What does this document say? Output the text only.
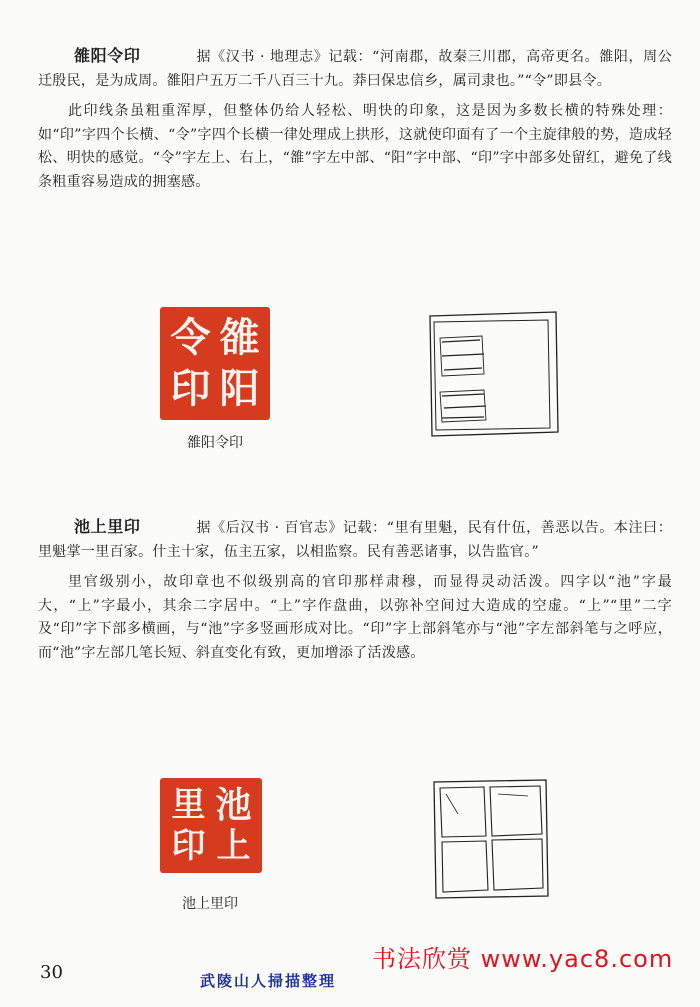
雒阳令印	据《汉书 · 地理志》记载：“河南郡，故秦三川郡，高帝更名。雒阳，周公迁殷民，是为成周。雒阳户五万二千八百三十九。莽曰保忠信乡，属司隶也。”“令”即县令。

此印线条虽粗重浑厚，但整体仍给人轻松、明快的印象，这是因为多数长横的特殊处理：如“印”字四个长横、“令”字四个长横一律处理成上拱形，这就使印面有了一个主旋律般的势，造成轻松、明快的感觉。“令”字左上、右上，“雒”字左中部、“阳”字中部、“印”字中部多处留红，避免了线条粗重容易造成的拥塞感。

雒
阳
令
印
雒阳令印

池上里印	据《后汉书 · 百官志》记载：“里有里魁，民有什伍，善恶以告。本注曰：里魁掌一里百家。什主十家，伍主五家，以相监察。民有善恶诸事，以告监官。”

里官级别小，故印章也不似级别高的官印那样肃穆，而显得灵动活泼。四字以“池”字最大，“上”字最小，其余二字居中。“上”字作盘曲，以弥补空间过大造成的空虚。“上”“里”二字及“印”字下部多横画，与“池”字多竖画形成对比。“印”字上部斜笔亦与“池”字左部斜笔与之呼应，而“池”字左部几笔长短、斜直变化有致，更加增添了活泼感。

池
上
里
印
池上里印
30	武陵山人掃描整理
书法欣赏 www.yac8.com
